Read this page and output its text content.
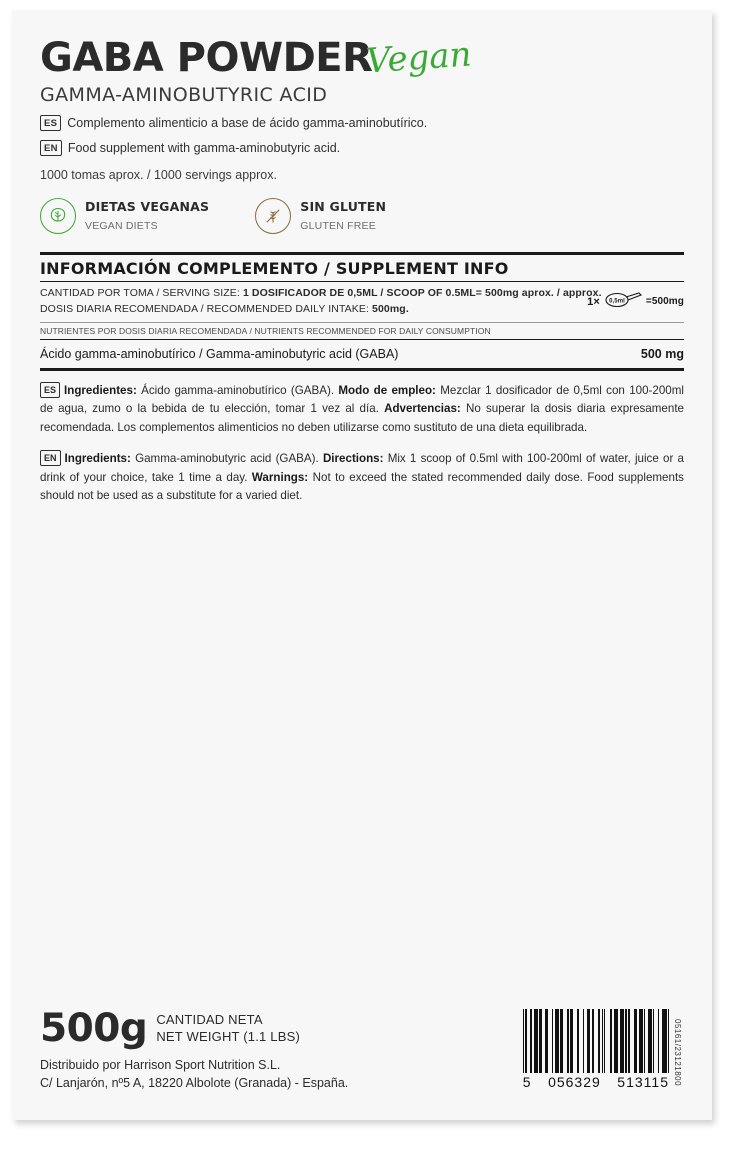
GABA POWDER
Vegan
GAMMA-AMINOBUTYRIC ACID
ES Complemento alimenticio a base de ácido gamma-aminobutírico.
EN Food supplement with gamma-aminobutyric acid.
1000 tomas aprox. / 1000 servings approx.
DIETAS VEGANAS
VEGAN DIETS
SIN GLUTEN
GLUTEN FREE
INFORMACIÓN COMPLEMENTO / SUPPLEMENT INFO
CANTIDAD POR TOMA / SERVING SIZE: 1 DOSIFICADOR DE 0,5ML / SCOOP OF 0.5ML= 500mg aprox. / approx.
DOSIS DIARIA RECOMENDADA / RECOMMENDED DAILY INTAKE: 500mg.
1× 0,5ml =500mg
NUTRIENTES POR DOSIS DIARIA RECOMENDADA / NUTRIENTS RECOMMENDED FOR DAILY CONSUMPTION
Ácido gamma-aminobutírico / Gamma-aminobutyric acid (GABA)	500 mg
ES Ingredientes: Ácido gamma-aminobutírico (GABA). Modo de empleo: Mezclar 1 dosificador de 0,5ml con 100-200ml de agua, zumo o la bebida de tu elección, tomar 1 vez al día. Advertencias: No superar la dosis diaria expresamente recomendada. Los complementos alimenticios no deben utilizarse como sustituto de una dieta equilibrada.
EN Ingredients: Gamma-aminobutyric acid (GABA). Directions: Mix 1 scoop of 0.5ml with 100-200ml of water, juice or a drink of your choice, take 1 time a day. Warnings: Not to exceed the stated recommended daily dose. Food supplements should not be used as a substitute for a varied diet.
500g CANTIDAD NETA
NET WEIGHT (1.1 LBS)
Distribuido por Harrison Sport Nutrition S.L.
C/ Lanjarón, nº5 A, 18220 Albolote (Granada) - España.	5 056329 513115 05161/23121800
